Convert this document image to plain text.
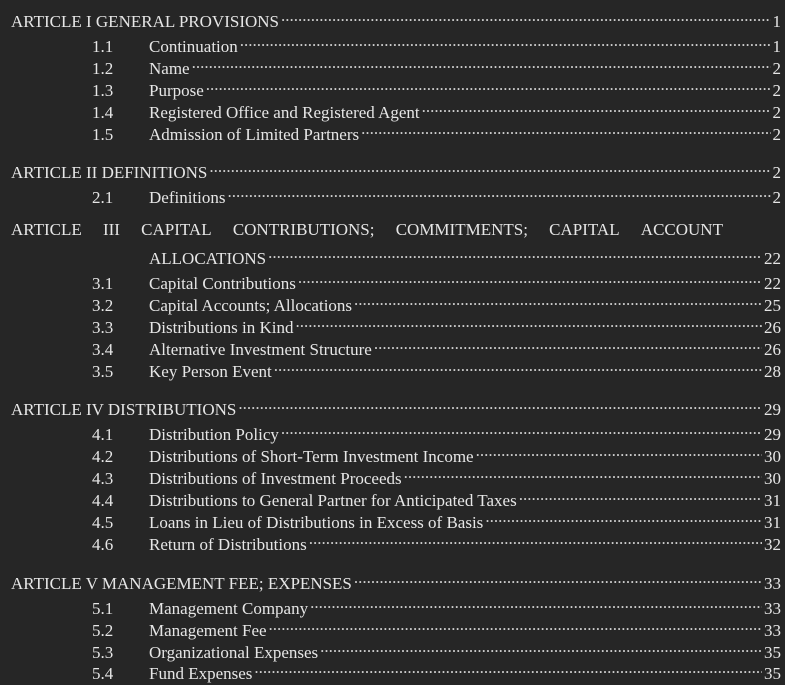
ARTICLE I GENERAL PROVISIONS .....	1
1.1	Continuation .....	1
1.2	Name .....	2
1.3	Purpose .....	2
1.4	Registered Office and Registered Agent .....	2
1.5	Admission of Limited Partners .....	2
ARTICLE II DEFINITIONS .....	2
2.1	Definitions .....	2
ARTICLE III CAPITAL CONTRIBUTIONS; COMMITMENTS; CAPITAL ACCOUNT
ALLOCATIONS .....	22
3.1	Capital Contributions .....	22
3.2	Capital Accounts; Allocations .....	25
3.3	Distributions in Kind .....	26
3.4	Alternative Investment Structure .....	26
3.5	Key Person Event .....	28
ARTICLE IV DISTRIBUTIONS .....	29
4.1	Distribution Policy .....	29
4.2	Distributions of Short-Term Investment Income .....	30
4.3	Distributions of Investment Proceeds .....	30
4.4	Distributions to General Partner for Anticipated Taxes .....	31
4.5	Loans in Lieu of Distributions in Excess of Basis .....	31
4.6	Return of Distributions .....	32
ARTICLE V MANAGEMENT FEE; EXPENSES .....	33
5.1	Management Company .....	33
5.2	Management Fee .....	33
5.3	Organizational Expenses .....	35
5.4	Fund Expenses .....	35
